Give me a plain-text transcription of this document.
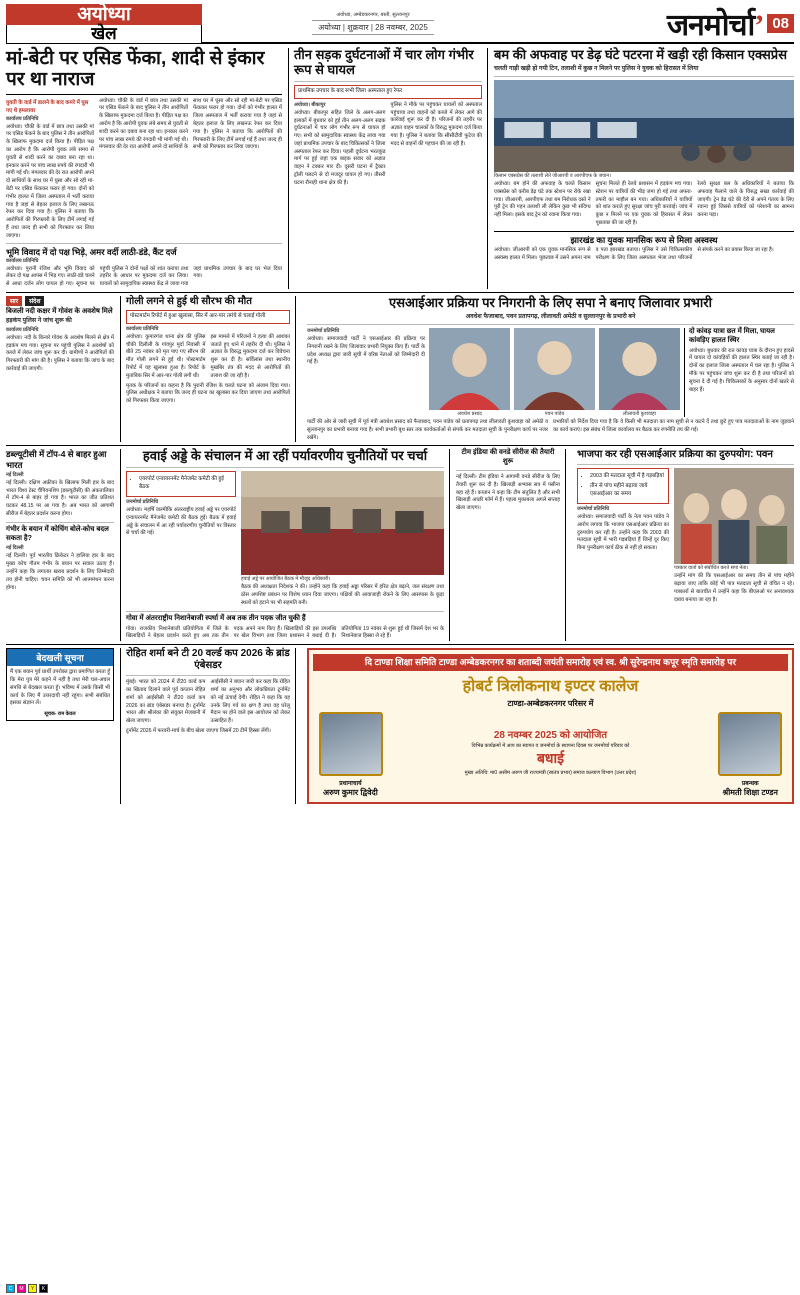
अयोध्या
खेल
अयोध्या, अम्बेडकरनगर, बस्ती, सुल्तानपुर
अयोध्या | शुक्रवार | 28 नवम्बर, 2025	जनमोर्चा’ 08
मां-बेटी पर एसिड फेंका, शादी से इंकार पर था नाराज
युवती के वार्ड में डालने के बाद कमरे में घुस गए थे हमलावर
कार्यालय प्रतिनिधि
अयोध्या। चौकी के वार्ड में छात्र तथा उसकी मां पर एसिड फेंकने के बाद पुलिस ने तीन आरोपितों के खिलाफ मुकदमा दर्ज किया है। पीड़ित पक्ष का आरोप है कि आरोपी युवक लंबे समय से युवती से शादी करने का दबाव बना रहा था। इनकार करने पर पांच लाख रुपये की रंगदारी भी मांगी गई थी। मंगलवार की देर रात आरोपी अपने दो साथियों के साथ घर में घुसा और सो रही मां-बेटी पर एसिड फेंककर फरार हो गया। दोनों को गंभीर हालत में जिला अस्पताल में भर्ती कराया गया है जहां से बेहतर इलाज के लिए लखनऊ रेफर कर दिया गया है। पुलिस ने बताया कि आरोपितों की गिरफ्तारी के लिए टीमें लगाई गई हैं तथा जल्द ही सभी को गिरफ्तार कर लिया जाएगा।
अयोध्या। चौकी के वार्ड में छात्र तथा उसकी मां पर एसिड फेंकने के बाद पुलिस ने तीन आरोपितों के खिलाफ मुकदमा दर्ज किया है। पीड़ित पक्ष का आरोप है कि आरोपी युवक लंबे समय से युवती से शादी करने का दबाव बना रहा था। इनकार करने पर पांच लाख रुपये की रंगदारी भी मांगी गई थी। मंगलवार की देर रात आरोपी अपने दो साथियों के साथ घर में घुसा और सो रही मां-बेटी पर एसिड फेंककर फरार हो गया। दोनों को गंभीर हालत में जिला अस्पताल में भर्ती कराया गया है जहां से बेहतर इलाज के लिए लखनऊ रेफर कर दिया गया है। पुलिस ने बताया कि आरोपितों की गिरफ्तारी के लिए टीमें लगाई गई हैं तथा जल्द ही सभी को गिरफ्तार कर लिया जाएगा।
भूमि विवाद में दो पक्ष भिड़े, अमर वर्दी लाठी-डंडे, कैंट दर्ज
कार्यालय प्रतिनिधि
अयोध्या। पुरानी रंजिश और भूमि विवाद को लेकर दो पक्ष आपस में भिड़ गए। लाठी-डंडे चलने से आधा दर्जन लोग घायल हो गए। सूचना पर पहुंची पुलिस ने दोनों पक्षों को शांत कराया तथा तहरीर के आधार पर मुकदमा दर्ज कर लिया। घायलों को सामुदायिक स्वास्थ्य केंद्र ले जाया गया जहां प्राथमिक उपचार के बाद घर भेज दिया गया।
तीन सड़क दुर्घटनाओं में चार लोग गंभीर रूप से घायल
प्राथमिक उपचार के बाद सभी जिला अस्पताल हुए रेफर
अयोध्या। बीकापुर
अयोध्या। बीकापुर सहित जिले के अलग-अलग इलाकों में बुधवार को हुई तीन अलग-अलग सड़क दुर्घटनाओं में चार लोग गंभीर रूप से घायल हो गए। सभी को सामुदायिक स्वास्थ्य केंद्र लाया गया जहां प्राथमिक उपचार के बाद चिकित्सकों ने जिला अस्पताल रेफर कर दिया। पहली दुर्घटना भरतकुंड मार्ग पर हुई जहां एक बाइक सवार को अज्ञात वाहन ने टक्कर मार दी। दूसरी घटना में ट्रैक्टर ट्रॉली पलटने से दो मजदूर घायल हो गए। तीसरी घटना रौनाही थाना क्षेत्र की है।
पुलिस ने मौके पर पहुंचकर घायलों को अस्पताल पहुंचाया तथा वाहनों को कब्जे में लेकर आगे की कार्रवाई शुरू कर दी है। परिजनों की तहरीर पर अज्ञात वाहन चालकों के विरुद्ध मुकदमा दर्ज किया गया है। पुलिस ने बताया कि सीसीटीवी फुटेज की मदद से वाहनों की पहचान की जा रही है।
बम की अफवाह पर डेढ़ घंटे पटरना में खड़ी रही किसान एक्सप्रेस
चलती गाड़ी खड़ी हो गयी टिन, तलाशी में कुछ न मिलने पर पुलिस ने युवक को हिरासत में लिया
किसान एक्सप्रेस की तलाशी लेते जीआरपी व आरपीएफ के जवान।
अयोध्या। बम होने की अफवाह के चलते किसान एक्सप्रेस को करीब डेढ़ घंटे तक स्टेशन पर रोके रखा गया। जीआरपी, आरपीएफ तथा बम निरोधक दस्ते ने पूरी ट्रेन की गहन तलाशी ली लेकिन कुछ भी संदिग्ध नहीं मिला। इसके बाद ट्रेन को रवाना किया गया।
सूचना मिलते ही रेलवे प्रशासन में हड़कंप मच गया। स्टेशन पर यात्रियों की भीड़ जमा हो गई तथा अफरा-तफरी का माहौल बन गया। अधिकारियों ने यात्रियों को शांत कराते हुए सुरक्षा जांच पूरी करवाई। जांच में कुछ न मिलने पर एक युवक को हिरासत में लेकर पूछताछ की जा रही है।
रेलवे सुरक्षा बल के अधिकारियों ने बताया कि अफवाह फैलाने वाले के विरुद्ध सख्त कार्रवाई की जाएगी। ट्रेन डेढ़ घंटे की देरी से अपने गंतव्य के लिए रवाना हुई जिससे यात्रियों को परेशानी का सामना करना पड़ा।
झारखंड का युवक मानसिक रूप से मिला अस्वस्थ
अयोध्या। जीआरपी को एक युवक मानसिक रूप से अस्वस्थ हालत में मिला। पूछताछ में उसने अपना नाम व पता झारखंड बताया। पुलिस ने उसे चिकित्सकीय परीक्षण के लिए जिला अस्पताल भेजा तथा परिजनों से संपर्क करने का प्रयास किया जा रहा है।
सार	संदेश
बिजली नदी कक्षर में गोवंश के अवशेष मिले
हड़कंप पुलिस ने जांच शुरू की
कार्यालय प्रतिनिधि
अयोध्या। नदी के किनारे गोवंश के अवशेष मिलने से क्षेत्र में हड़कंप मच गया। सूचना पर पहुंची पुलिस ने अवशेषों को कब्जे में लेकर जांच शुरू कर दी। ग्रामीणों ने आरोपितों की गिरफ्तारी की मांग की है। पुलिस ने बताया कि जांच के बाद कार्रवाई की जाएगी।
गोली लगने से हुई थी सौरभ की मौत
पोस्टमार्टम रिपोर्ट में हुआ खुलासा, सिर में आर-पार तमंचे से चलाई गोली
कार्यालय प्रतिनिधि
अयोध्या। कुमारगंज थाना क्षेत्र की पुलिस चौकी दिलौली के गांवपुर मुर्दा निवासी में बीते 25 नवंबर को मृत पाए गए सौरभ की मौत गोली लगने से हुई थी। पोस्टमार्टम रिपोर्ट में यह खुलासा हुआ है। रिपोर्ट के मुताबिक सिर में आर-पार गोली लगी थी।
इस मामले में परिजनों ने हत्या की आशंका जताते हुए थाने में तहरीर दी थी। पुलिस ने अज्ञात के विरुद्ध मुकदमा दर्ज कर विवेचना शुरू कर दी है। सर्विलांस तथा स्थानीय मुखबिर तंत्र की मदद से आरोपितों की तलाश की जा रही है।
मृतक के परिजनों का कहना है कि पुरानी रंजिश के चलते घटना को अंजाम दिया गया। पुलिस अधीक्षक ने बताया कि जल्द ही घटना का खुलासा कर दिया जाएगा तथा आरोपितों को गिरफ्तार किया जाएगा।
एसआईआर प्रक्रिया पर निगरानी के लिए सपा ने बनाए जिलावार प्रभारी
अवधेश फैजाबाद, पवन प्रतापगढ़, लीलावती अमेठी व सुल्तानपुर के प्रभारी बने
जनमोर्चा प्रतिनिधि
अयोध्या। समाजवादी पार्टी ने एसआईआर की प्रक्रिया पर निगरानी रखने के लिए जिलावार प्रभारी नियुक्त किए हैं। पार्टी के प्रदेश अध्यक्ष द्वारा जारी सूची में वरिष्ठ नेताओं को जिम्मेदारी दी गई है।
अवधेश प्रसाद	पवन पांडेय	लीलावती कुशवाहा
दो कांवड़ यात्रा छत में मिला, घायल कांवड़िए हालत स्थिर
अयोध्या। बुधवार की रात कांवड़ यात्रा के दौरान हुए हादसे में घायल दो कांवड़ियों की हालत स्थिर बताई जा रही है। दोनों का इलाज जिला अस्पताल में चल रहा है। पुलिस ने मौके पर पहुंचकर जांच शुरू कर दी है तथा परिजनों को सूचना दे दी गई है। चिकित्सकों के अनुसार दोनों खतरे से बाहर हैं।
पार्टी की ओर से जारी सूची में पूर्व मंत्री अवधेश प्रसाद को फैजाबाद, पवन पांडेय को प्रतापगढ़ तथा लीलावती कुशवाहा को अमेठी व सुल्तानपुर का प्रभारी बनाया गया है। सभी प्रभारी बूथ स्तर तक कार्यकर्ताओं से संपर्क कर मतदाता सूची के पुनरीक्षण कार्य पर नजर रखेंगे।
प्रभारियों को निर्देश दिया गया है कि वे किसी भी मतदाता का नाम सूची से न कटने दें तथा छूटे हुए पात्र मतदाताओं के नाम जुड़वाने का कार्य कराएं। इस संबंध में जिला कार्यालय पर बैठक कर रणनीति तय की गई।
डब्ल्यूटीसी में टॉप-4 से बाहर हुआ भारत
नई दिल्ली
नई दिल्ली। दक्षिण अफ्रीका के खिलाफ मिली हार के बाद भारत विश्व टेस्ट चैंपियनशिप (डब्ल्यूटीसी) की अंकतालिका में टॉप-4 से बाहर हो गया है। भारत का जीत प्रतिशत घटकर 48.15 पर आ गया है। अब भारत को आगामी सीरीज में बेहतर प्रदर्शन करना होगा।
गंभीर के बयान में कोचिंग बोले-कोच बदल सकता है?
नई दिल्ली
नई दिल्ली। पूर्व भारतीय क्रिकेटर ने हालिया हार के बाद मुख्य कोच गौतम गंभीर के बयान पर सवाल उठाए हैं। उन्होंने कहा कि लगातार खराब प्रदर्शन के लिए जिम्मेदारी तय होनी चाहिए। चयन समिति को भी आत्ममंथन करना होगा।
हवाई अड्डे के संचालन में आ रहीं पर्यावरणीय चुनौतियों पर चर्चा
• एयरपोर्ट एन्वायरनमेंट मैनेजमेंट कमेटी की हुई बैठक
जनमोर्चा प्रतिनिधि
अयोध्या। महर्षि वाल्मीकि अंतरराष्ट्रीय हवाई अड्डे पर एयरपोर्ट एन्वायरनमेंट मैनेजमेंट कमेटी की बैठक हुई। बैठक में हवाई अड्डे के संचालन में आ रही पर्यावरणीय चुनौतियों पर विस्तार से चर्चा की गई।
हवाई अड्डे पर आयोजित बैठक में मौजूद अधिकारी।
बैठक की अध्यक्षता निदेशक ने की। उन्होंने कहा कि हवाई अड्डा परिसर में हरित क्षेत्र बढ़ाने, जल संरक्षण तथा ठोस अपशिष्ट प्रबंधन पर विशेष ध्यान दिया जाएगा। पक्षियों की आवाजाही रोकने के लिए आसपास के कूड़ा स्थलों को हटाने पर भी सहमति बनी।
गोवा में अंतरराष्ट्रीय निशानेबाजी स्पर्धा में अब तक तीन पदक जीत चुकी हैं
गोवा। राजकीय निशानेबाजी प्रतियोगिता में जिले के खिलाड़ियों ने बेहतर प्रदर्शन करते हुए अब तक तीन पदक अपने नाम किए हैं। खिलाड़ियों की इस उपलब्धि पर खेल विभाग तथा जिला प्रशासन ने बधाई दी है। प्रतियोगिता 19 नवंबर से शुरू हुई थी जिसमें देश भर के निशानेबाज हिस्सा ले रहे हैं।
टीम इंडिया की वनडे सीरीज की तैयारी शुरू
नई दिल्ली। टीम इंडिया ने आगामी वनडे सीरीज के लिए तैयारी शुरू कर दी है। खिलाड़ी अभ्यास सत्र में पसीना बहा रहे हैं। कप्तान ने कहा कि टीम संतुलित है और सभी खिलाड़ी अच्छी फॉर्म में हैं। पहला मुकाबला अगले सप्ताह खेला जाएगा।
भाजपा कर रही एसआईआर प्रक्रिया का दुरुपयोग: पवन
• 2003 की मतदाता सूची में है गड़बड़ियां
• तीन से पांच महीने बढ़ाया जाये एसआईआर का समय
जनमोर्चा प्रतिनिधि
अयोध्या। समाजवादी पार्टी के नेता पवन पांडेय ने आरोप लगाया कि भाजपा एसआईआर प्रक्रिया का दुरुपयोग कर रही है। उन्होंने कहा कि 2003 की मतदाता सूची में भारी गड़बड़ियां हैं जिन्हें दूर किए बिना पुनरीक्षण कार्य ठीक से नहीं हो सकता।
पत्रकार वार्ता को संबोधित करते सपा नेता।
उन्होंने मांग की कि एसआईआर का समय तीन से पांच महीने बढ़ाया जाए ताकि कोई भी पात्र मतदाता सूची से वंचित न रहे। पत्रकारों से बातचीत में उन्होंने कहा कि बीएलओ पर अनावश्यक दबाव बनाया जा रहा है।
बेदखली सूचना
मैं एक बयान पूर्व प्रार्थी उपरोक्त द्वारा प्रमाणित करता हूँ कि मेरा पुत्र मेरे कहने में नहीं है तथा मेरी चल-अचल संपत्ति से बेदखल करता हूँ। भविष्य में उसके किसी भी कार्य के लिए मैं उत्तरदायी नहीं रहूंगा। सभी संबंधित इसका संज्ञान लें।
सूचक- राम केवल
रोहित शर्मा बने टी 20 वर्ल्ड कप 2026 के ब्रांड एंबेसडर
मुंबई। भारत को 2024 में टी20 वर्ल्ड कप का खिताब दिलाने वाले पूर्व कप्तान रोहित शर्मा को आईसीसी ने टी20 वर्ल्ड कप 2026 का ब्रांड एंबेसडर बनाया है। टूर्नामेंट भारत और श्रीलंका की संयुक्त मेजबानी में खेला जाएगा।
आईसीसी ने बयान जारी कर कहा कि रोहित शर्मा का अनुभव और लोकप्रियता टूर्नामेंट को नई ऊंचाई देगी। रोहित ने कहा कि यह उनके लिए गर्व का क्षण है तथा वह घरेलू मैदान पर होने वाले इस आयोजन को लेकर उत्साहित हैं।
टूर्नामेंट 2026 में फरवरी-मार्च के बीच खेला जाएगा जिसमें 20 टीमें हिस्सा लेंगी।
दि टाण्डा शिक्षा समिति टाण्डा अम्बेडकरनगर का शताब्दी जयंती समारोह एवं स्व. श्री सुरेन्द्रनाथ कपूर स्मृति समारोह पर
होबर्ट त्रिलोकनाथ इण्टर कालेज
टाण्डा-अम्बेडकरनगर परिसर में
28 नवम्बर 2025 को आयोजित
विभिन्न कार्यक्रमों में आप का स्वागत व जनमोर्चा के स्थापना दिवस पर जनमोर्चा परिवार को
बधाई
मुख्य अतिथि: मा0 असीम अरुण जी राज्यमंत्री (स्वतंत्र प्रभार) समाज कल्याण विभाग (उत्तर प्रदेश)
प्रधानाचार्य
अरुण कुमार द्विवेदी
प्रबन्धक
श्रीमती शिक्षा टण्डन
C	M	Y	K
